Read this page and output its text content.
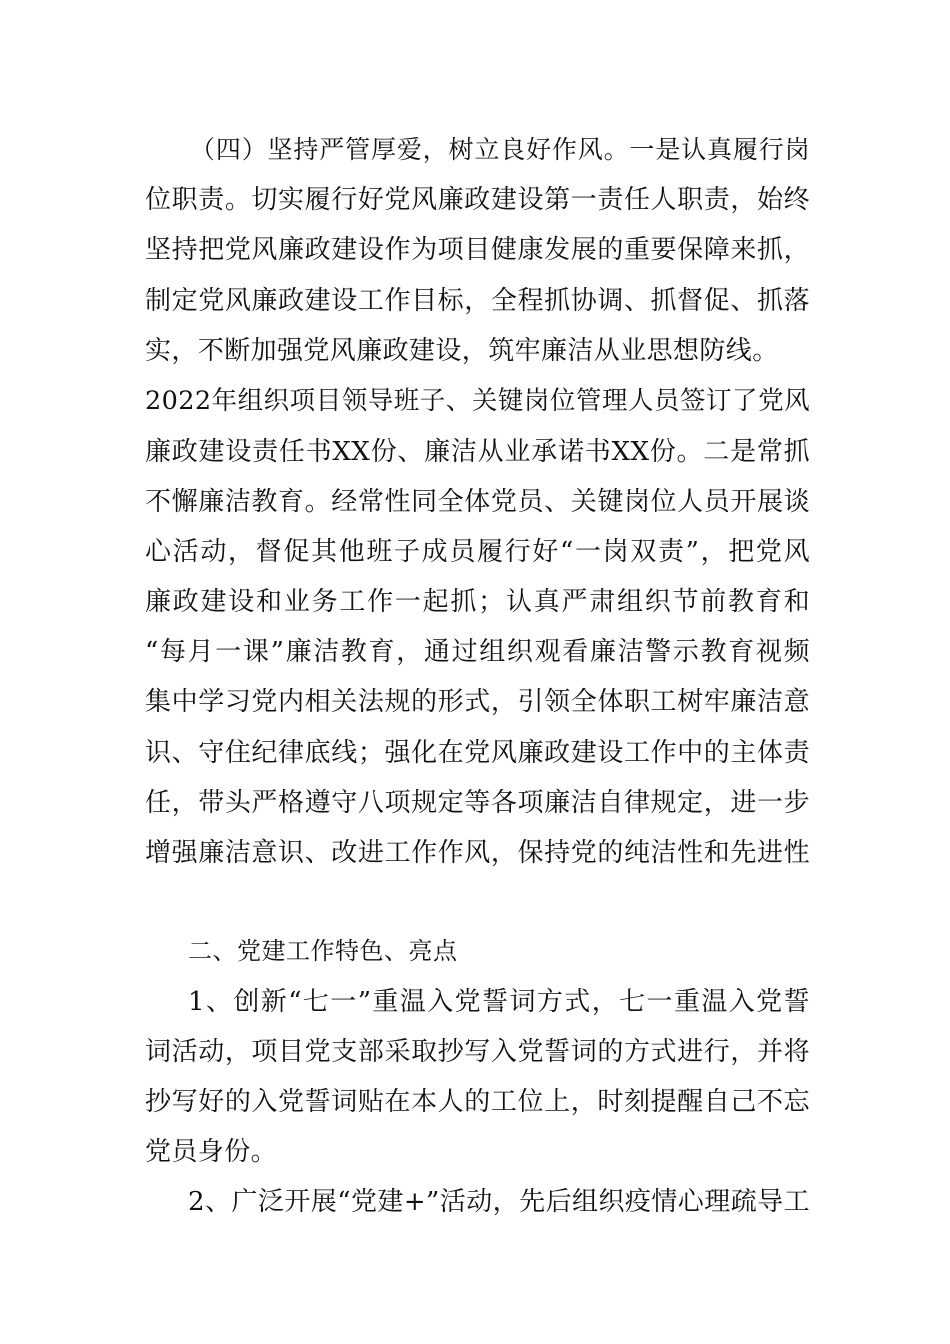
（四）坚持严管厚爱，树立良好作风。一是认真履行岗
位职责。切实履行好党风廉政建设第一责任人职责，始终
坚持把党风廉政建设作为项目健康发展的重要保障来抓，
制定党风廉政建设工作目标，全程抓协调、抓督促、抓落
实，不断加强党风廉政建设，筑牢廉洁从业思想防线。
2022年组织项目领导班子、关键岗位管理人员签订了党风
廉政建设责任书XX份、廉洁从业承诺书XX份。二是常抓
不懈廉洁教育。经常性同全体党员、关键岗位人员开展谈
心活动，督促其他班子成员履行好“一岗双责”，把党风
廉政建设和业务工作一起抓；认真严肃组织节前教育和
“每月一课”廉洁教育，通过组织观看廉洁警示教育视频
集中学习党内相关法规的形式，引领全体职工树牢廉洁意
识、守住纪律底线；强化在党风廉政建设工作中的主体责
任，带头严格遵守八项规定等各项廉洁自律规定，进一步
增强廉洁意识、改进工作作风，保持党的纯洁性和先进性
二、党建工作特色、亮点
1、创新“七一”重温入党誓词方式，七一重温入党誓
词活动，项目党支部采取抄写入党誓词的方式进行，并将
抄写好的入党誓词贴在本人的工位上，时刻提醒自己不忘
党员身份。
2、广泛开展“党建+”活动，先后组织疫情心理疏导工
